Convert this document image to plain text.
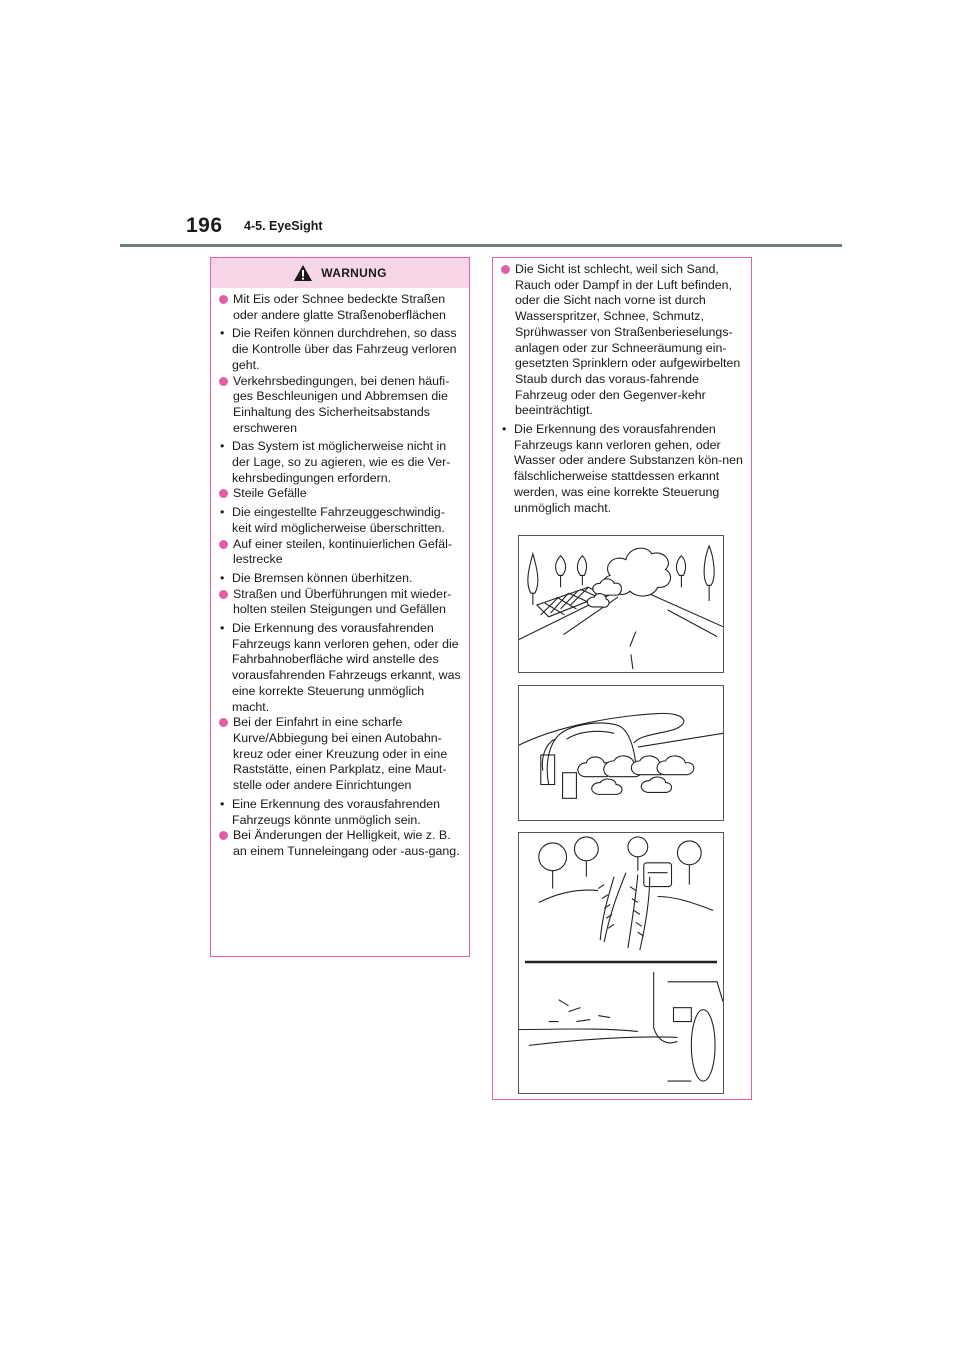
196 4-5. EyeSight
WARNUNG
Mit Eis oder Schnee bedeckte Straßen oder andere glatte Straßenoberflächen
• Die Reifen können durchdrehen, so dass die Kontrolle über das Fahrzeug verloren geht.
Verkehrsbedingungen, bei denen häufi-ges Beschleunigen und Abbremsen die Einhaltung des Sicherheitsabstands erschweren
• Das System ist möglicherweise nicht in der Lage, so zu agieren, wie es die Ver-kehrsbedingungen erfordern.
Steile Gefälle
• Die eingestellte Fahrzeuggeschwindig-keit wird möglicherweise überschritten.
Auf einer steilen, kontinuierlichen Gefäl-lestrecke
• Die Bremsen können überhitzen.
Straßen und Überführungen mit wieder-holten steilen Steigungen und Gefällen
• Die Erkennung des vorausfahrenden Fahrzeugs kann verloren gehen, oder die Fahrbahnoberfläche wird anstelle des vorausfahrenden Fahrzeugs erkannt, was eine korrekte Steuerung unmöglich macht.
Bei der Einfahrt in eine scharfe Kurve/Abbiegung bei einen Autobahn-kreuz oder einer Kreuzung oder in eine Raststätte, einen Parkplatz, eine Maut-stelle oder andere Einrichtungen
• Eine Erkennung des vorausfahrenden Fahrzeugs könnte unmöglich sein.
Bei Änderungen der Helligkeit, wie z. B. an einem Tunneleingang oder -aus-gang.
Die Sicht ist schlecht, weil sich Sand, Rauch oder Dampf in der Luft befinden, oder die Sicht nach vorne ist durch Wasserspritzer, Schnee, Schmutz, Sprühwasser von Straßenberieselungs-anlagen oder zur Schneeräumung ein-gesetzten Sprinklern oder aufgewirbelten Staub durch das voraus-fahrende Fahrzeug oder den Gegenver-kehr beeinträchtigt.
• Die Erkennung des vorausfahrenden Fahrzeugs kann verloren gehen, oder Wasser oder andere Substanzen kön-nen fälschlicherweise stattdessen erkannt werden, was eine korrekte Steuerung unmöglich macht.
